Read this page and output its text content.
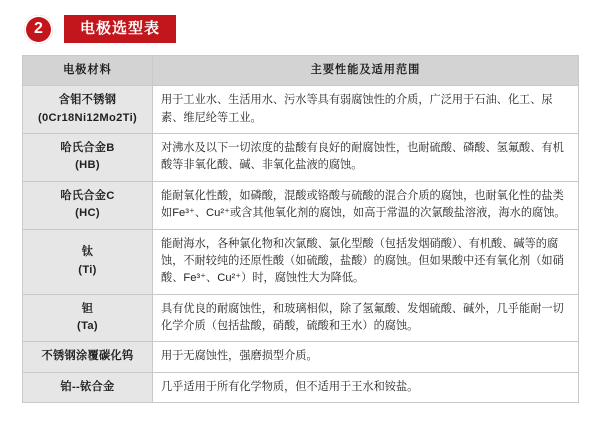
2	电极选型表
电极材料	主要性能及适用范围
含钼不锈钢
(0Cr18Ni12Mo2Ti)	用于工业水、生活用水、污水等具有弱腐蚀性的介质，广泛用于石油、化工、尿素、维尼纶等工业。
哈氏合金B
(HB)	对沸水及以下一切浓度的盐酸有良好的耐腐蚀性，也耐硫酸、磷酸、氢氟酸、有机酸等非氧化酸、碱、非氧化盐液的腐蚀。
哈氏合金C
(HC)	能耐氧化性酸，如磷酸，混酸或铬酸与硫酸的混合介质的腐蚀，也耐氧化性的盐类如Fe³⁺、Cu²⁺或含其他氧化剂的腐蚀，如高于常温的次氯酸盐溶液，海水的腐蚀。
钛
(Ti)	能耐海水，各种氯化物和次氯酸、氯化型酸（包括发烟硝酸）、有机酸、碱等的腐蚀，不耐较纯的还原性酸（如硫酸，盐酸）的腐蚀。但如果酸中还有氧化剂（如硝酸、Fe³⁺、Cu²⁺）时，腐蚀性大为降低。
钽
(Ta)	具有优良的耐腐蚀性，和玻璃相似，除了氢氟酸、发烟硫酸、碱外，几乎能耐一切化学介质（包括盐酸，硝酸，硫酸和王水）的腐蚀。
不锈钢涂覆碳化钨	用于无腐蚀性，强磨损型介质。
铂--铱合金	几乎适用于所有化学物质，但不适用于王水和铵盐。
